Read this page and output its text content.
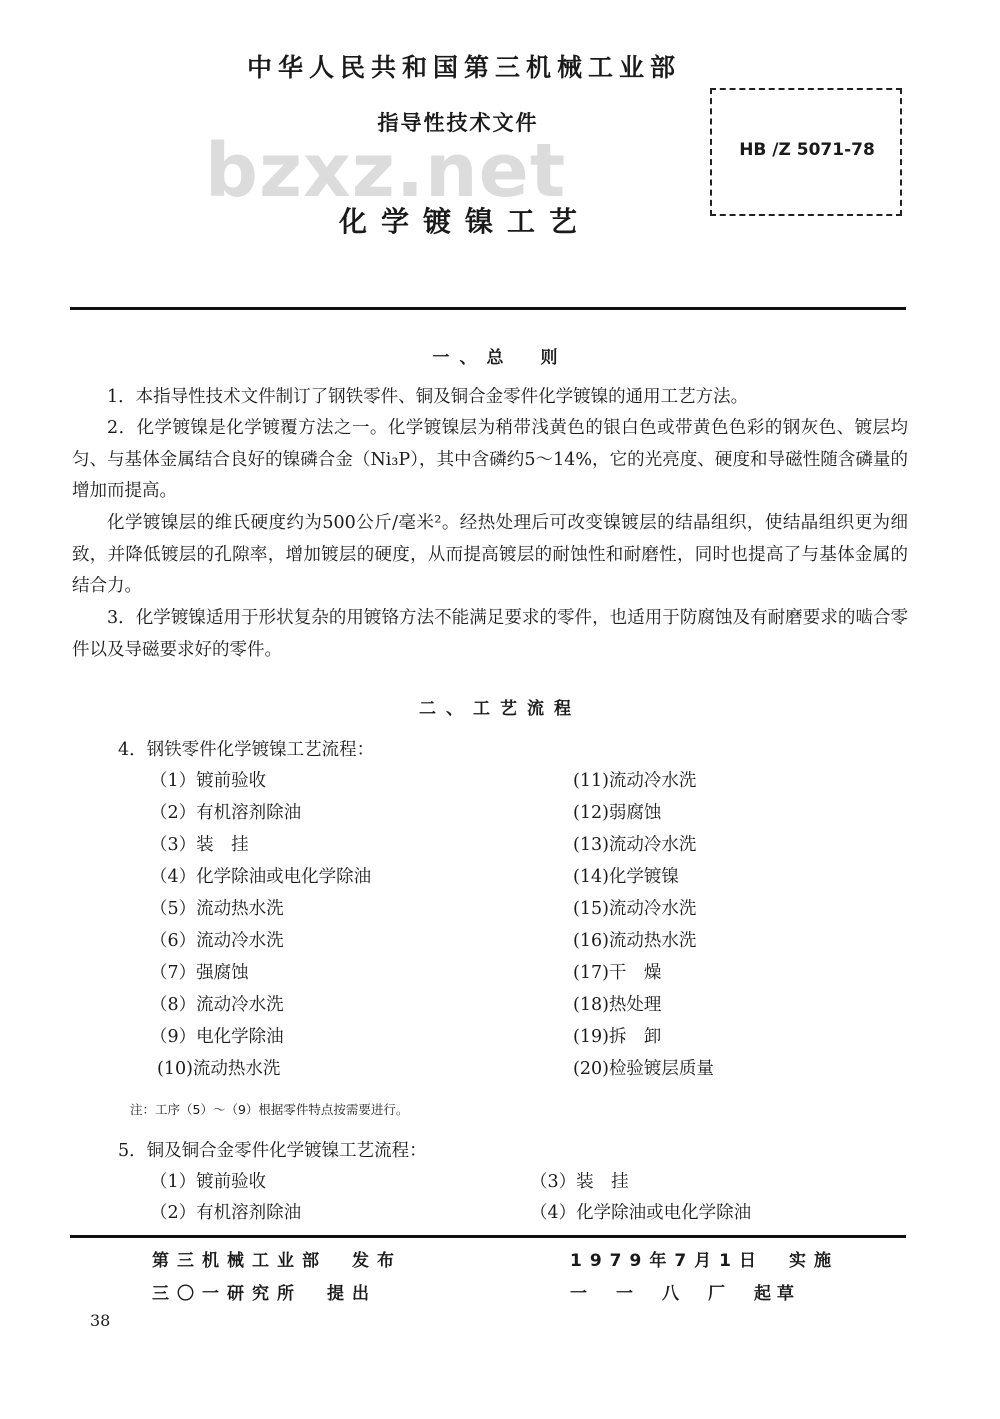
bzxz.net
中华人民共和国第三机械工业部
指导性技术文件
化学镀镍工艺
HB /Z 5071-78
一、总　则

1．本指导性技术文件制订了钢铁零件、铜及铜合金零件化学镀镍的通用工艺方法。

2．化学镀镍是化学镀覆方法之一。化学镀镍层为稍带浅黄色的银白色或带黄色色彩的钢灰色、镀层均匀、与基体金属结合良好的镍磷合金（Ni₃P），其中含磷约5～14%，它的光亮度、硬度和导磁性随含磷量的增加而提高。

化学镀镍层的维氏硬度约为500公斤/毫米²。经热处理后可改变镍镀层的结晶组织，使结晶组织更为细致，并降低镀层的孔隙率，增加镀层的硬度，从而提高镀层的耐蚀性和耐磨性，同时也提高了与基体金属的结合力。

3．化学镀镍适用于形状复杂的用镀铬方法不能满足要求的零件，也适用于防腐蚀及有耐磨要求的啮合零件以及导磁要求好的零件。

二、工艺流程
4．钢铁零件化学镀镍工艺流程：
（1）镀前验收
（2）有机溶剂除油
（3）装　挂
（4）化学除油或电化学除油
（5）流动热水洗
（6）流动冷水洗
（7）强腐蚀
（8）流动冷水洗
（9）电化学除油
(10)流动热水洗
(11)流动冷水洗
(12)弱腐蚀
(13)流动冷水洗
(14)化学镀镍
(15)流动冷水洗
(16)流动热水洗
(17)干　燥
(18)热处理
(19)拆　卸
(20)检验镀层质量
注：工序（5）～（9）根据零件特点按需要进行。
5．铜及铜合金零件化学镀镍工艺流程：
（1）镀前验收
（2）有机溶剂除油
（3）装　挂
（4）化学除油或电化学除油
第三机械工业部　发布
三〇一研究所　提出
1979年7月1日　实施
一　一　八　厂　起草
38
